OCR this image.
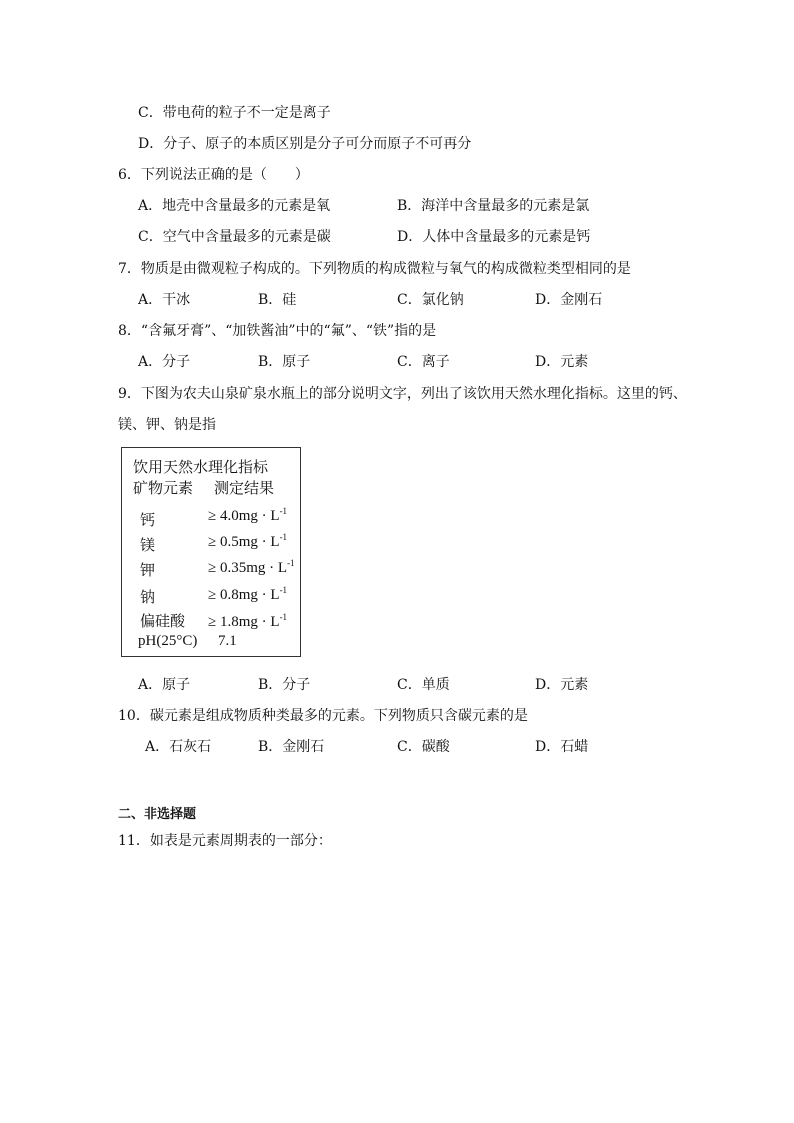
C．带电荷的粒子不一定是离子
D．分子、原子的本质区别是分子可分而原子不可再分
6．下列说法正确的是（　　）
A．地壳中含量最多的元素是氧	B．海洋中含量最多的元素是氯
C．空气中含量最多的元素是碳	D．人体中含量最多的元素是钙
7．物质是由微观粒子构成的。下列物质的构成微粒与氧气的构成微粒类型相同的是
A．干冰	B．硅	C．氯化钠	D．金刚石
8．“含氟牙膏”、“加铁酱油”中的“氟”、“铁”指的是
A．分子	B．原子	C．离子	D．元素
9．下图为农夫山泉矿泉水瓶上的部分说明文字，列出了该饮用天然水理化指标。这里的钙、
镁、钾、钠是指
饮用天然水理化指标
矿物元素 测定结果
钙	≥ $4.0mg \cdot L^{-1}$
镁	≥ $0.5mg \cdot L^{-1}$
钾	≥ $0.35mg \cdot L^{-1}$
钠	≥ $0.8mg \cdot L^{-1}$
偏硅酸 ≥ $1.8mg \cdot L^{-1}$
pH(25°C) 7.1
A．原子	B．分子	C．单质	D．元素
10．碳元素是组成物质种类最多的元素。下列物质只含碳元素的是
A．石灰石	B．金刚石	C．碳酸	D．石蜡
二、非选择题
11．如表是元素周期表的一部分：
